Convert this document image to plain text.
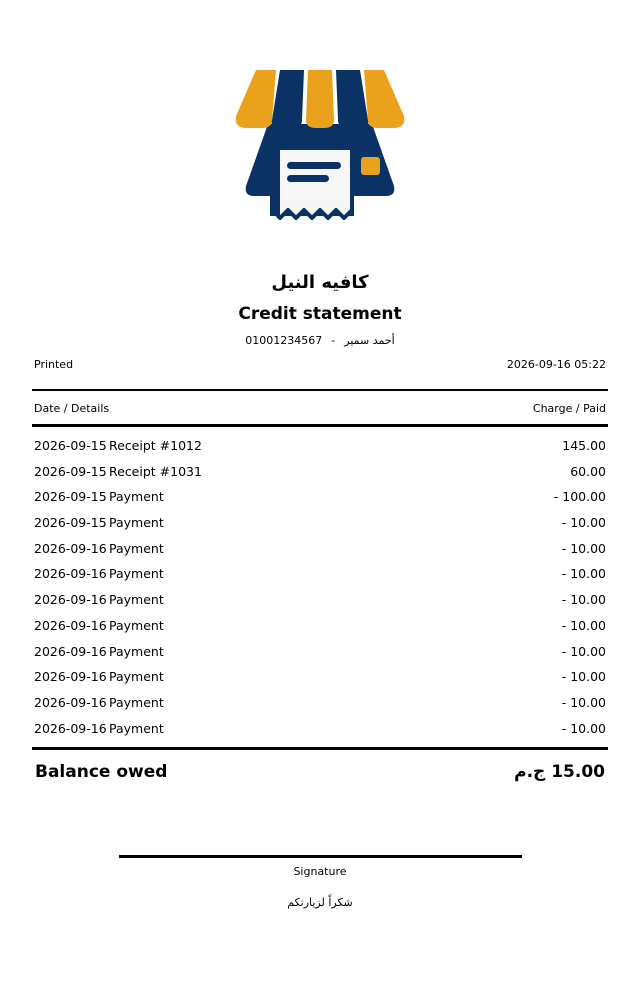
كافيه النيل
Credit statement
01001234567 - أحمد سمير
Printed	2026-09-16 05:22
Date / Details	Charge / Paid
2026-09-15 Receipt #1012	145.00
2026-09-15 Receipt #1031	60.00
2026-09-15 Payment	- 100.00
2026-09-15 Payment	- 10.00
2026-09-16 Payment	- 10.00
2026-09-16 Payment	- 10.00
2026-09-16 Payment	- 10.00
2026-09-16 Payment	- 10.00
2026-09-16 Payment	- 10.00
2026-09-16 Payment	- 10.00
2026-09-16 Payment	- 10.00
2026-09-16 Payment	- 10.00
Balance owed	15.00 ج.م
Signature
شكراً لزيارتكم
